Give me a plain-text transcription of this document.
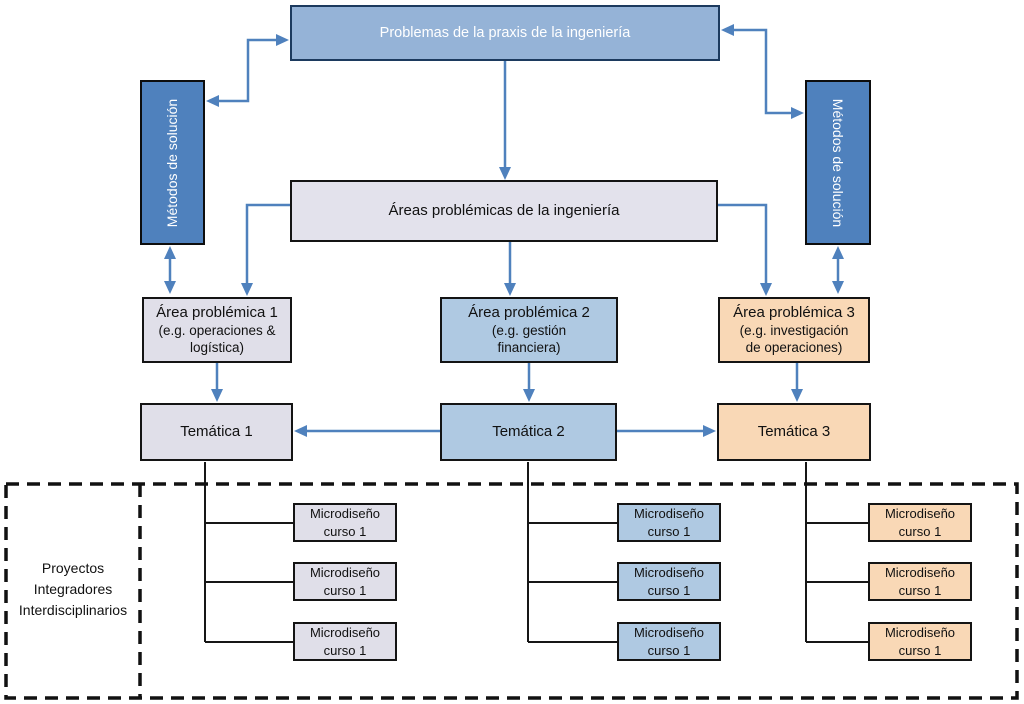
Problemas de la praxis de la ingeniería
Métodos de solución	Métodos de solución
Áreas problémicas de la ingeniería
Área problémica 1
(e.g. operaciones &
logística)
Área problémica 2
(e.g. gestión
financiera)
Área problémica 3
(e.g. investigación
de operaciones)
Temática 1	Temática 2	Temática 3
Proyectos
Integradores
Interdisciplinarios
Microdiseño curso 1
Microdiseño curso 1
Microdiseño curso 1
Microdiseño curso 1
Microdiseño curso 1
Microdiseño curso 1
Microdiseño curso 1
Microdiseño curso 1
Microdiseño curso 1
